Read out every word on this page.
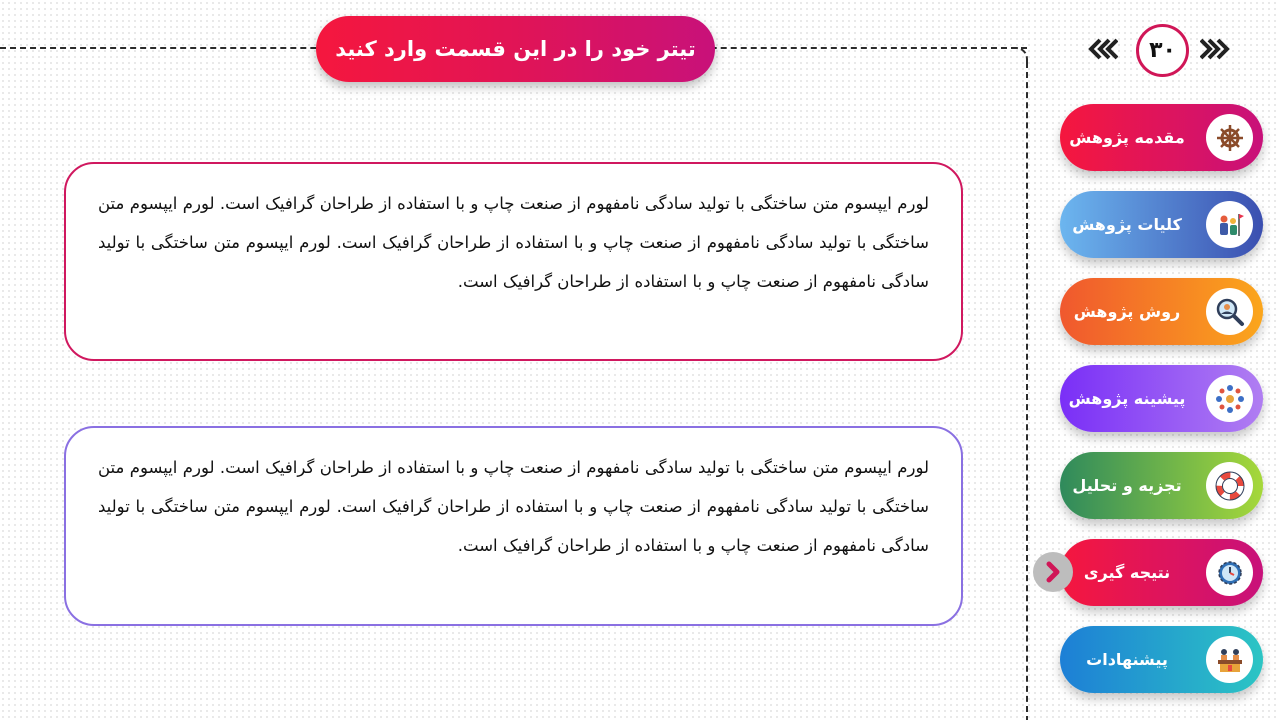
تیتر خود را در این قسمت وارد کنید

لورم ایپسوم متن ساختگی با تولید سادگی نامفهوم از صنعت چاپ و با استفاده از طراحان گرافیک است. لورم ایپسوم متن ساختگی با تولید سادگی نامفهوم از صنعت چاپ و با استفاده از طراحان گرافیک است. لورم ایپسوم متن ساختگی با تولید سادگی نامفهوم از صنعت چاپ و با استفاده از طراحان گرافیک است.

لورم ایپسوم متن ساختگی با تولید سادگی نامفهوم از صنعت چاپ و با استفاده از طراحان گرافیک است. لورم ایپسوم متن ساختگی با تولید سادگی نامفهوم از صنعت چاپ و با استفاده از طراحان گرافیک است. لورم ایپسوم متن ساختگی با تولید سادگی نامفهوم از صنعت چاپ و با استفاده از طراحان گرافیک است.

۳۰
مقدمه پژوهش
کلیات پژوهش
روش پژوهش
پیشینه پژوهش
تجزیه و تحلیل
نتیجه گیری
پیشنهادات
